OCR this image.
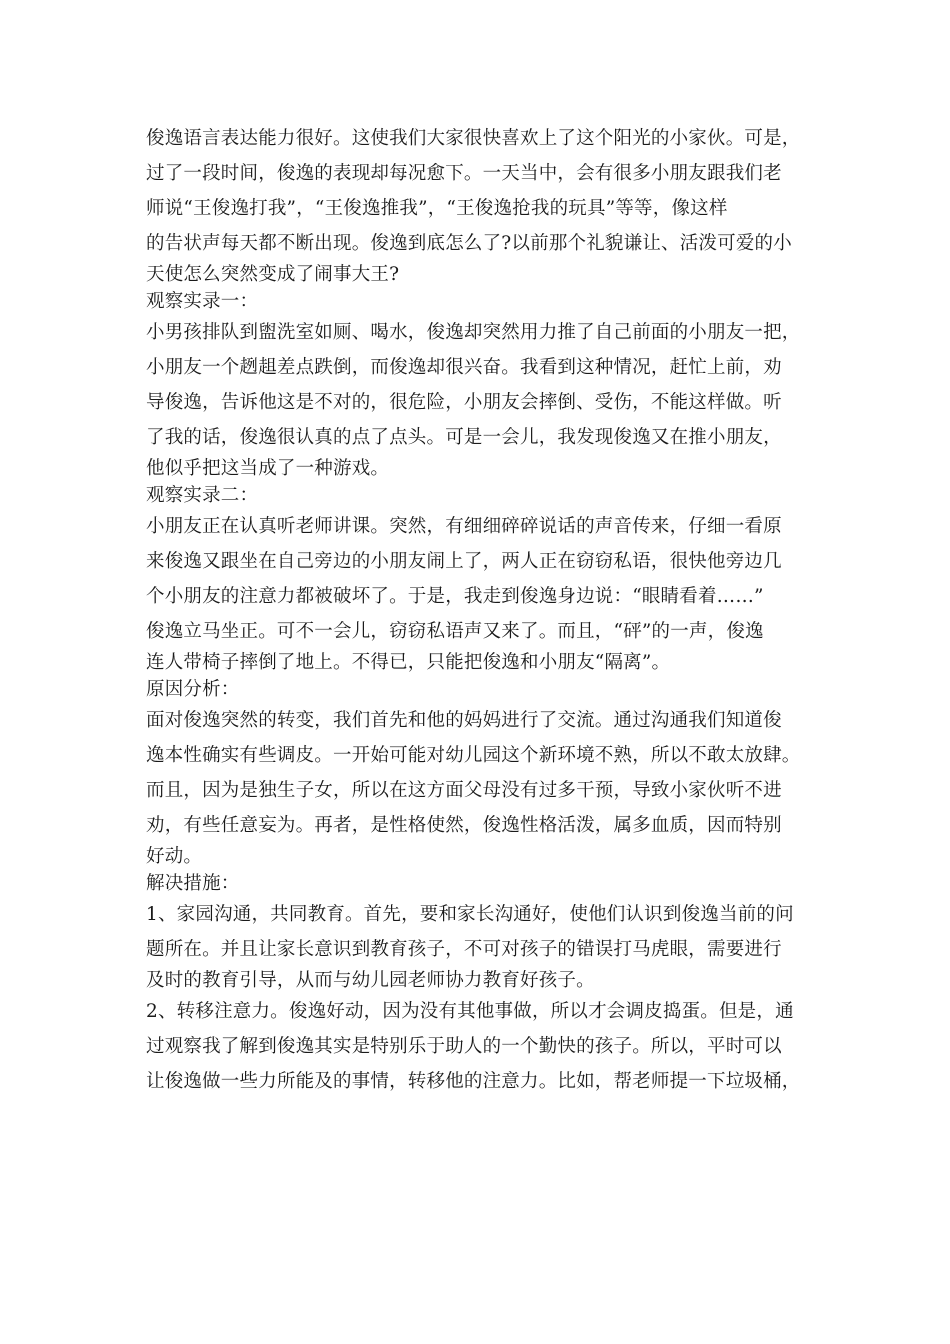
俊逸语言表达能力很好。这使我们大家很快喜欢上了这个阳光的小家伙。可是，
过了一段时间，俊逸的表现却每况愈下。一天当中，会有很多小朋友跟我们老
师说“王俊逸打我”，“王俊逸推我”，“王俊逸抢我的玩具”等等，像这样
的告状声每天都不断出现。俊逸到底怎么了?以前那个礼貌谦让、活泼可爱的小
天使怎么突然变成了闹事大王?
观察实录一：
小男孩排队到盥洗室如厕、喝水，俊逸却突然用力推了自己前面的小朋友一把，
小朋友一个趔趄差点跌倒，而俊逸却很兴奋。我看到这种情况，赶忙上前，劝
导俊逸，告诉他这是不对的，很危险，小朋友会摔倒、受伤，不能这样做。听
了我的话，俊逸很认真的点了点头。可是一会儿，我发现俊逸又在推小朋友，
他似乎把这当成了一种游戏。
观察实录二：
小朋友正在认真听老师讲课。突然，有细细碎碎说话的声音传来，仔细一看原
来俊逸又跟坐在自己旁边的小朋友闹上了，两人正在窃窃私语，很快他旁边几
个小朋友的注意力都被破坏了。于是，我走到俊逸身边说：“眼睛看着……”
俊逸立马坐正。可不一会儿，窃窃私语声又来了。而且，“砰”的一声，俊逸
连人带椅子摔倒了地上。不得已，只能把俊逸和小朋友“隔离”。
原因分析：
面对俊逸突然的转变，我们首先和他的妈妈进行了交流。通过沟通我们知道俊
逸本性确实有些调皮。一开始可能对幼儿园这个新环境不熟，所以不敢太放肆。
而且，因为是独生子女，所以在这方面父母没有过多干预，导致小家伙听不进
劝，有些任意妄为。再者，是性格使然，俊逸性格活泼，属多血质，因而特别
好动。
解决措施：
1、家园沟通，共同教育。首先，要和家长沟通好，使他们认识到俊逸当前的问
题所在。并且让家长意识到教育孩子，不可对孩子的错误打马虎眼，需要进行
及时的教育引导，从而与幼儿园老师协力教育好孩子。
2、转移注意力。俊逸好动，因为没有其他事做，所以才会调皮捣蛋。但是，通
过观察我了解到俊逸其实是特别乐于助人的一个勤快的孩子。所以，平时可以
让俊逸做一些力所能及的事情，转移他的注意力。比如，帮老师提一下垃圾桶，
